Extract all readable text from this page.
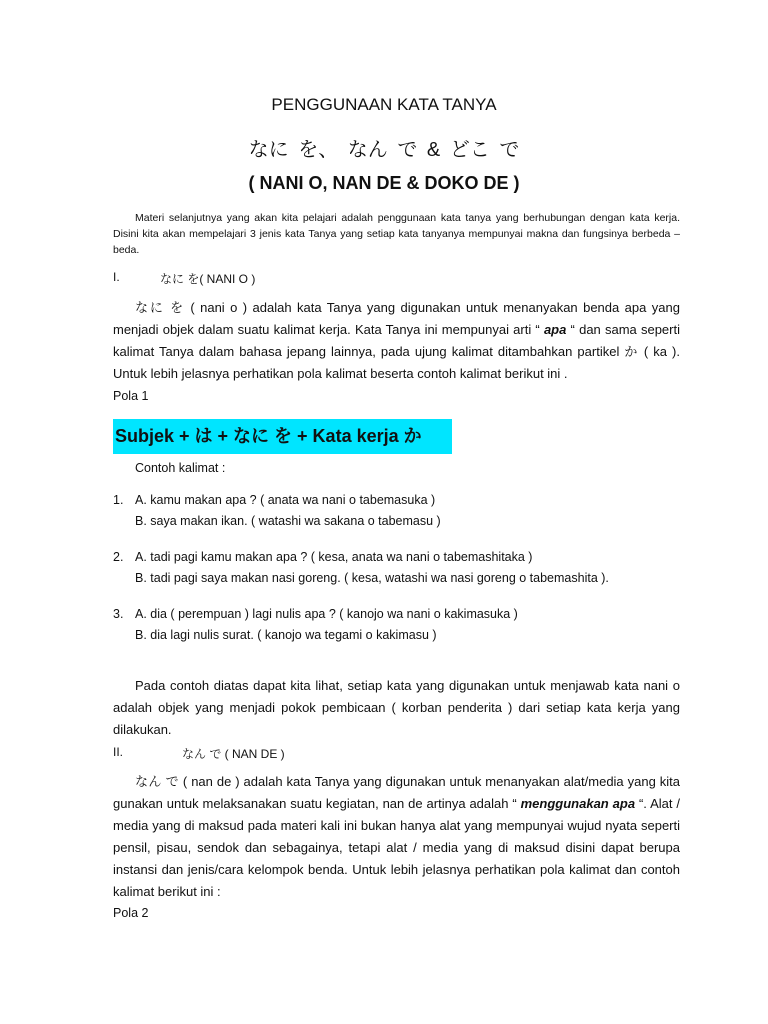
PENGGUNAAN KATA TANYA
なに を、 なん で & どこ で
( NANI O, NAN DE & DOKO DE )
Materi selanjutnya yang akan kita pelajari adalah penggunaan kata tanya yang berhubungan dengan kata kerja. Disini kita akan mempelajari 3 jenis kata Tanya yang setiap kata tanyanya mempunyai makna dan fungsinya berbeda – beda.
I.	なに を( NANI O )
なに を ( nani o ) adalah kata Tanya yang digunakan untuk menanyakan benda apa yang menjadi objek dalam suatu kalimat kerja. Kata Tanya ini mempunyai arti “ apa “ dan sama seperti kalimat Tanya dalam bahasa jepang lainnya, pada ujung kalimat ditambahkan partikel か ( ka ). Untuk lebih jelasnya perhatikan pola kalimat beserta contoh kalimat berikut ini .
Pola 1
Subjek + は + なに を + Kata kerja か
Contoh kalimat :
1. A. kamu makan apa ? ( anata wa nani o tabemasuka )
B. saya makan ikan. ( watashi wa sakana o tabemasu )
2. A. tadi pagi kamu makan apa ? ( kesa, anata wa nani o tabemashitaka )
B. tadi pagi saya makan nasi goreng. ( kesa, watashi wa nasi goreng o tabemashita ).
3. A. dia ( perempuan ) lagi nulis apa ? ( kanojo wa nani o kakimasuka )
B. dia lagi nulis surat. ( kanojo wa tegami o kakimasu )
Pada contoh diatas dapat kita lihat, setiap kata yang digunakan untuk menjawab kata nani o adalah objek yang menjadi pokok pembicaan ( korban penderita ) dari setiap kata kerja yang dilakukan.
II.	なん で ( NAN DE )
なん で ( nan de ) adalah kata Tanya yang digunakan untuk menanyakan alat/media yang kita gunakan untuk melaksanakan suatu kegiatan, nan de artinya adalah “ menggunakan apa “. Alat / media yang di maksud pada materi kali ini bukan hanya alat yang mempunyai wujud nyata seperti pensil, pisau, sendok dan sebagainya, tetapi alat / media yang di maksud disini dapat berupa instansi dan jenis/cara kelompok benda. Untuk lebih jelasnya perhatikan pola kalimat dan contoh kalimat berikut ini :
Pola 2
